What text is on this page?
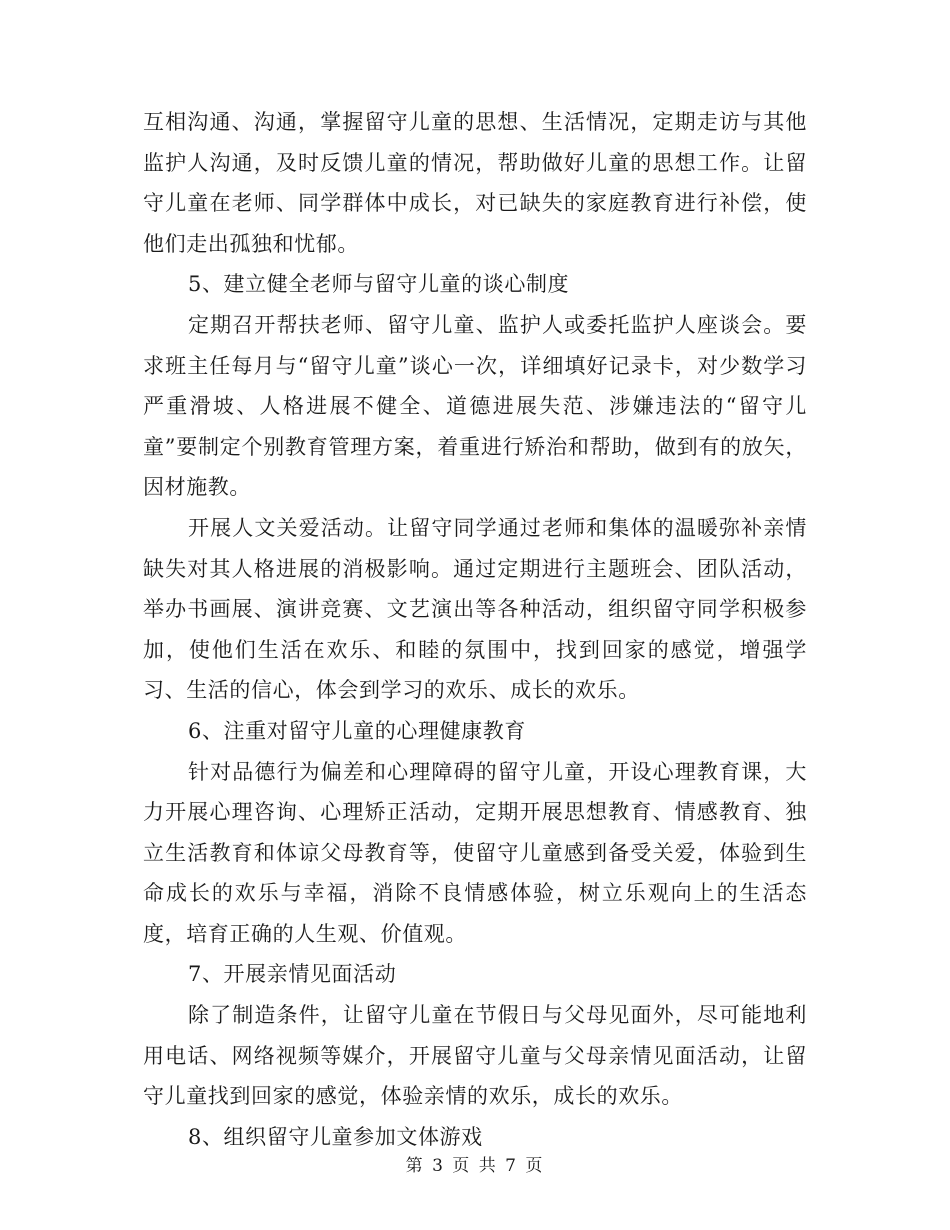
互相沟通、沟通，掌握留守儿童的思想、生活情况，定期走访与其他监护人沟通，及时反馈儿童的情况，帮助做好儿童的思想工作。让留守儿童在老师、同学群体中成长，对已缺失的家庭教育进行补偿，使他们走出孤独和忧郁。

5、建立健全老师与留守儿童的谈心制度

定期召开帮扶老师、留守儿童、监护人或委托监护人座谈会。要求班主任每月与“留守儿童”谈心一次，详细填好记录卡，对少数学习严重滑坡、人格进展不健全、道德进展失范、涉嫌违法的“留守儿童”要制定个别教育管理方案，着重进行矫治和帮助，做到有的放矢，因材施教。

开展人文关爱活动。让留守同学通过老师和集体的温暖弥补亲情缺失对其人格进展的消极影响。通过定期进行主题班会、团队活动，举办书画展、演讲竞赛、文艺演出等各种活动，组织留守同学积极参加，使他们生活在欢乐、和睦的氛围中，找到回家的感觉，增强学习、生活的信心，体会到学习的欢乐、成长的欢乐。

6、注重对留守儿童的心理健康教育

针对品德行为偏差和心理障碍的留守儿童，开设心理教育课，大力开展心理咨询、心理矫正活动，定期开展思想教育、情感教育、独立生活教育和体谅父母教育等，使留守儿童感到备受关爱，体验到生命成长的欢乐与幸福，消除不良情感体验，树立乐观向上的生活态度，培育正确的人生观、价值观。

7、开展亲情见面活动

除了制造条件，让留守儿童在节假日与父母见面外，尽可能地利用电话、网络视频等媒介，开展留守儿童与父母亲情见面活动，让留守儿童找到回家的感觉，体验亲情的欢乐，成长的欢乐。

8、组织留守儿童参加文体游戏

第 3 页 共 7 页
